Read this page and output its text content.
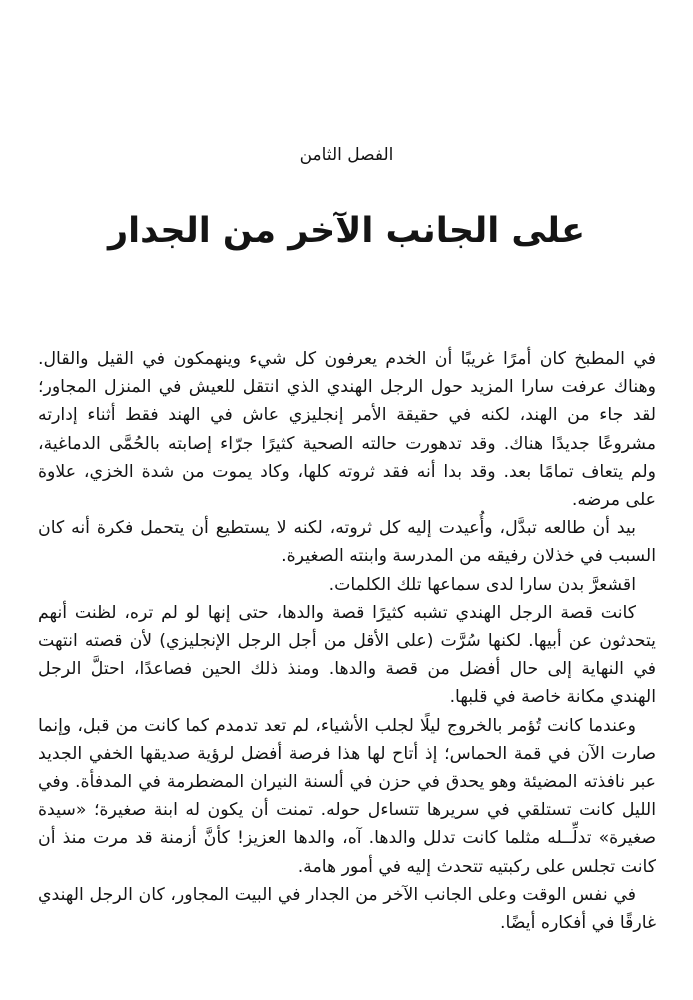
الفصل الثامن
على الجانب الآخر من الجدار

في المطبخ كان أمرًا غريبًا أن الخدم يعرفون كل شيء وينهمكون في القيل والقال. وهناك عرفت سارا المزيد حول الرجل الهندي الذي انتقل للعيش في المنزل المجاور؛ لقد جاء من الهند، لكنه في حقيقة الأمر إنجليزي عاش في الهند فقط أثناء إدارته مشروعًا جديدًا هناك. وقد تدهورت حالته الصحية كثيرًا جرّاء إصابته بالحُمَّى الدماغية، ولم يتعاف تمامًا بعد. وقد بدا أنه فقد ثروته كلها، وكاد يموت من شدة الخزي، علاوة على مرضه.

بيد أن طالعه تبدَّل، وأُعيدت إليه كل ثروته، لكنه لا يستطيع أن يتحمل فكرة أنه كان السبب في خذلان رفيقه من المدرسة وابنته الصغيرة.

اقشعرَّ بدن سارا لدى سماعها تلك الكلمات.

كانت قصة الرجل الهندي تشبه كثيرًا قصة والدها، حتى إنها لو لم تره، لظنت أنهم يتحدثون عن أبيها. لكنها سُرَّت (على الأقل من أجل الرجل الإنجليزي) لأن قصته انتهت في النهاية إلى حال أفضل من قصة والدها. ومنذ ذلك الحين فصاعدًا، احتلَّ الرجل الهندي مكانة خاصة في قلبها.

وعندما كانت تُؤمر بالخروج ليلًا لجلب الأشياء، لم تعد تدمدم كما كانت من قبل، وإنما صارت الآن في قمة الحماس؛ إذ أتاح لها هذا فرصة أفضل لرؤية صديقها الخفي الجديد عبر نافذته المضيئة وهو يحدق في حزن في ألسنة النيران المضطرمة في المدفأة. وفي الليل كانت تستلقي في سريرها تتساءل حوله. تمنت أن يكون له ابنة صغيرة؛ «سيدة صغيرة» تدلِّــله مثلما كانت تدلل والدها. آه، والدها العزيز! كأنَّ أزمنة قد مرت منذ أن كانت تجلس على ركبتيه تتحدث إليه في أمور هامة.

في نفس الوقت وعلى الجانب الآخر من الجدار في البيت المجاور، كان الرجل الهندي غارقًا في أفكاره أيضًا.
